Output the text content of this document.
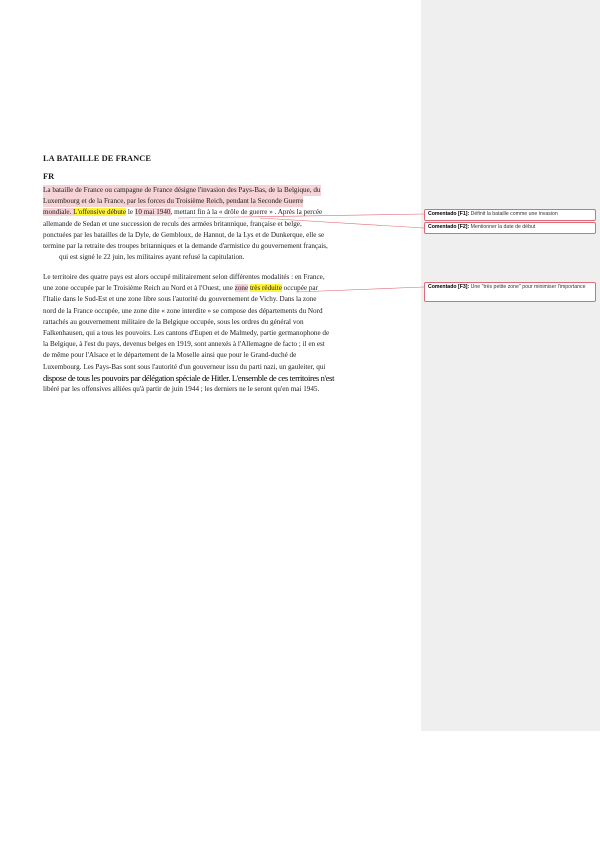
LA BATAILLE DE FRANCE
FR
La bataille de France ou campagne de France désigne l'invasion des Pays-Bas, de la Belgique, du Luxembourg et de la France, par les forces du Troisième Reich, pendant la Seconde Guerre
mondiale. L'offensive débute le 10 mai 1940, mettant fin à la « drôle de guerre » . Après la percée
allemande de Sedan et une succession de reculs des armées britannique, française et belge,
ponctuées par les batailles de la Dyle, de Gembloux, de Hannut, de la Lys et de Dunkerque, elle se
termine par la retraite des troupes britanniques et la demande d'armistice du gouvernement français,
qui est signé le 22 juin, les militaires ayant refusé la capitulation.
Le territoire des quatre pays est alors occupé militairement selon différentes modalités : en France,
une zone occupée par le Troisième Reich au Nord et à l'Ouest, une zone très réduite occupée par
l'Italie dans le Sud-Est et une zone libre sous l'autorité du gouvernement de Vichy. Dans la zone
nord de la France occupée, une zone dite « zone interdite » se compose des départements du Nord
rattachés au gouvernement militaire de la Belgique occupée, sous les ordres du général von
Falkenhausen, qui a tous les pouvoirs. Les cantons d'Eupen et de Malmedy, partie germanophone de
la Belgique, à l'est du pays, devenus belges en 1919, sont annexés à l'Allemagne de facto ; il en est
de même pour l'Alsace et le département de la Moselle ainsi que pour le Grand-duché de
Luxembourg. Les Pays-Bas sont sous l'autorité d'un gouverneur issu du parti nazi, un gauleiter, qui
dispose de tous les pouvoirs par délégation spéciale de Hitler. L'ensemble de ces territoires n'est
libéré par les offensives alliées qu'à partir de juin 1944 ; les derniers ne le seront qu'en mai 1945.
Comentado [F1]: Définit la bataille comme une invasion
Comentado [F2]: Mentionner la date de début
Comentado [F3]: Une "très petite zone" pour minimiser l'importance
